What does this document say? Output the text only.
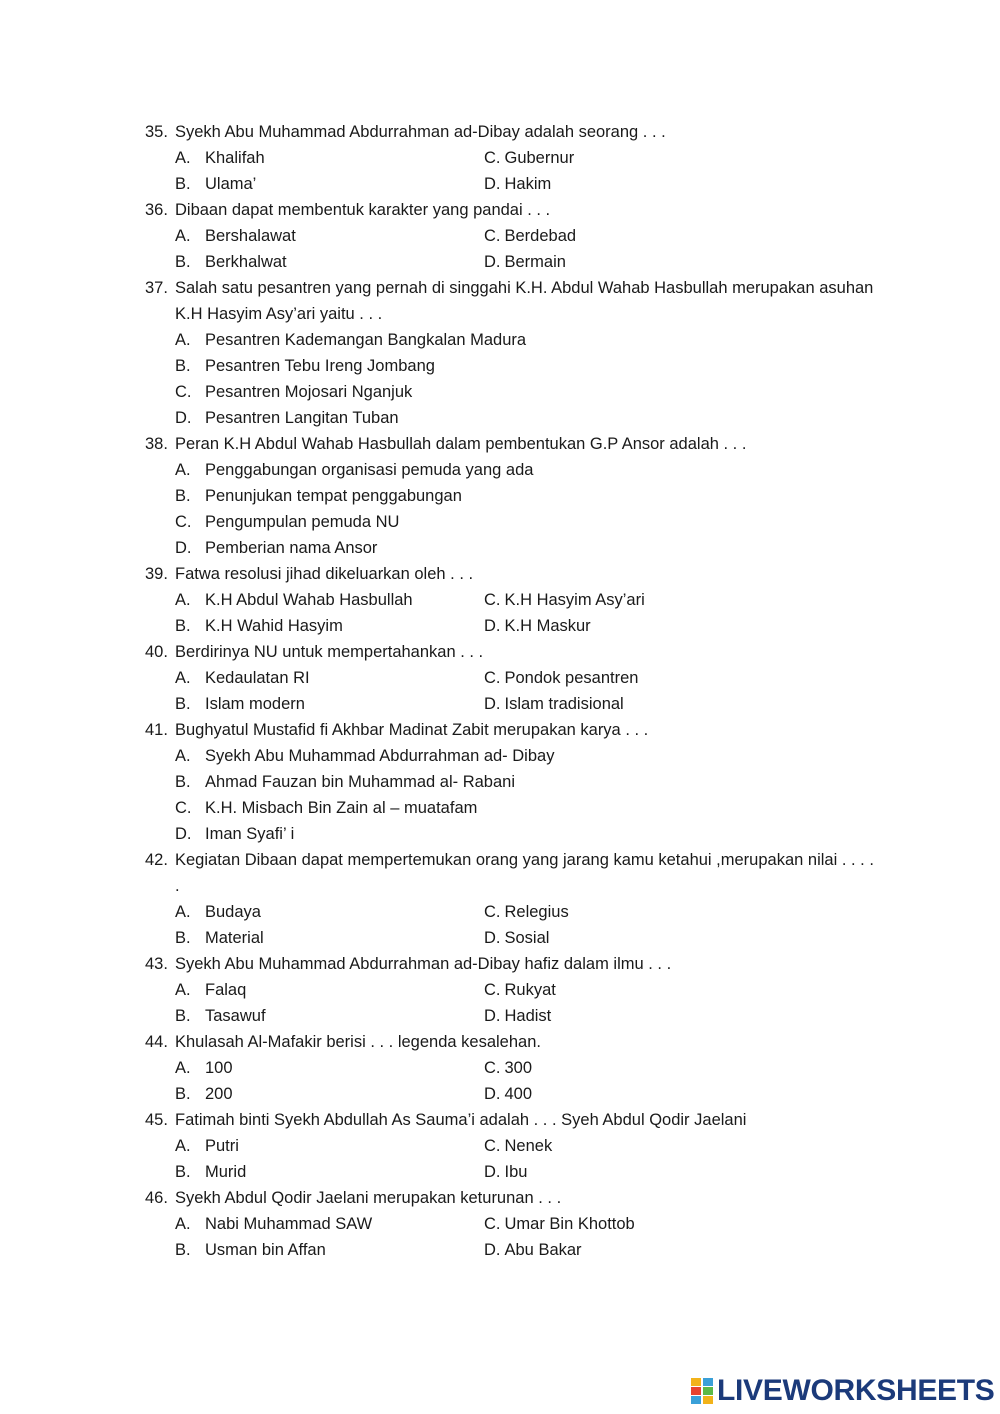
35. Syekh Abu Muhammad Abdurrahman ad-Dibay adalah seorang . . .
A. Khalifah	C. Gubernur
B. Ulama’	D. Hakim
36. Dibaan dapat membentuk karakter yang pandai . . .
A. Bershalawat	C. Berdebad
B. Berkhalwat	D. Bermain
37. Salah satu pesantren yang pernah di singgahi K.H. Abdul Wahab Hasbullah merupakan asuhan K.H Hasyim Asy’ari yaitu . . .
A. Pesantren Kademangan Bangkalan Madura
B. Pesantren Tebu Ireng Jombang
C. Pesantren Mojosari Nganjuk
D. Pesantren Langitan Tuban
38. Peran K.H Abdul Wahab Hasbullah dalam pembentukan G.P Ansor adalah . . .
A. Penggabungan organisasi pemuda yang ada
B. Penunjukan tempat penggabungan
C. Pengumpulan pemuda NU
D. Pemberian nama Ansor
39. Fatwa resolusi jihad dikeluarkan oleh . . .
A. K.H Abdul Wahab Hasbullah	C. K.H Hasyim Asy’ari
B. K.H Wahid Hasyim	D. K.H Maskur
40. Berdirinya NU untuk mempertahankan . . .
A. Kedaulatan RI	C. Pondok pesantren
B. Islam modern	D. Islam tradisional
41. Bughyatul Mustafid fi Akhbar Madinat Zabit merupakan karya . . .
A. Syekh Abu Muhammad Abdurrahman ad- Dibay
B. Ahmad Fauzan bin Muhammad al- Rabani
C. K.H. Misbach Bin Zain al – muatafam
D. Iman Syafi’ i
42. Kegiatan Dibaan dapat mempertemukan orang yang jarang kamu ketahui ,merupakan nilai . . . . .
A. Budaya	C. Relegius
B. Material	D. Sosial
43. Syekh Abu Muhammad Abdurrahman ad-Dibay hafiz dalam ilmu . . .
A. Falaq	C. Rukyat
B. Tasawuf	D. Hadist
44. Khulasah Al-Mafakir berisi . . . legenda kesalehan.
A. 100	C. 300
B. 200	D. 400
45. Fatimah binti Syekh Abdullah As Sauma’i adalah . . . Syeh Abdul Qodir Jaelani
A. Putri	C. Nenek
B. Murid	D. Ibu
46. Syekh Abdul Qodir Jaelani merupakan keturunan . . .
A. Nabi Muhammad SAW	C. Umar Bin Khottob
B. Usman bin Affan	D. Abu Bakar
LIVEWORKSHEETS
